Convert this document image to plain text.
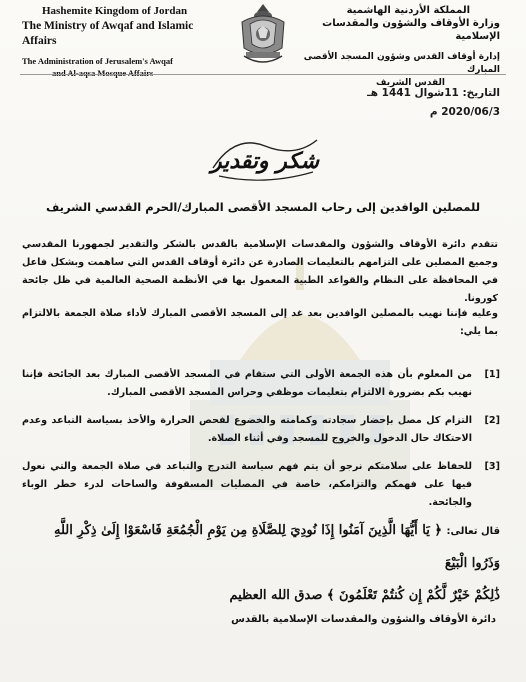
Hashemite Kingdom of Jordan
The Ministry of Awqaf and Islamic Affairs
The Administration of Jerusalem's Awqaf
and Al-aqsa Mosque Affairs
المملكة الأردنية الهاشمية
وزارة الأوقاف والشؤون والمقدسات الإسلامية
إدارة أوقاف القدس وشؤون المسجد الأقصى المبارك
القدس الشريف
التاريخ: 11شوال 1441 هـ
2020/06/3 م
شكر وتقدير
للمصلين الوافدين إلى رحاب المسجد الأقصى المبارك/الحرم القدسي الشريف
تتقدم دائرة الأوقاف والشؤون والمقدسات الإسلامية بالقدس بالشكر والتقدير لجمهورنا المقدسي وجميع المصلين على التزامهم بالتعليمات الصادرة عن دائرة أوقاف القدس التي ساهمت وبشكل فاعل في المحافظة على النظام والقواعد الطبية المعمول بها في الأنظمة الصحية العالمية في ظل جائحة كورونا.
وعليه فإننا نهيب بالمصلين الوافدين بعد غد إلى المسجد الأقصى المبارك لأداء صلاة الجمعة بالالتزام بما يلي:
[1]
من المعلوم بأن هذه الجمعة الأولى التي ستقام في المسجد الأقصى المبارك بعد الجائحة فإننا نهيب بكم بضرورة الالتزام بتعليمات موظفي وحراس المسجد الأقصى المبارك.
[2]
التزام كل مصل بإحضار سجادته وكمامته والخضوع لفحص الحرارة والأخذ بسياسة التباعد وعدم الاحتكاك حال الدخول والخروج للمسجد وفي أثناء الصلاة.
[3]
للحفاظ على سلامتكم نرجو أن يتم فهم سياسة التدرج والتباعد في صلاة الجمعة والتي نعول فيها على فهمكم والتزامكم، خاصة في المصليات المسقوفة والساحات لدرء خطر الوباء والجائحة.
قال تعالى: ﴿ يَا أَيُّهَا الَّذِينَ آمَنُوا إِذَا نُودِيَ لِلصَّلَاةِ مِن يَوْمِ الْجُمُعَةِ فَاسْعَوْا إِلَىٰ ذِكْرِ اللَّهِ وَذَرُوا الْبَيْعَ
ذَٰلِكُمْ خَيْرٌ لَّكُمْ إِن كُنتُمْ تَعْلَمُونَ ﴾ صدق الله العظيم
دائرة الأوقاف والشؤون والمقدسات الإسلامية بالقدس
